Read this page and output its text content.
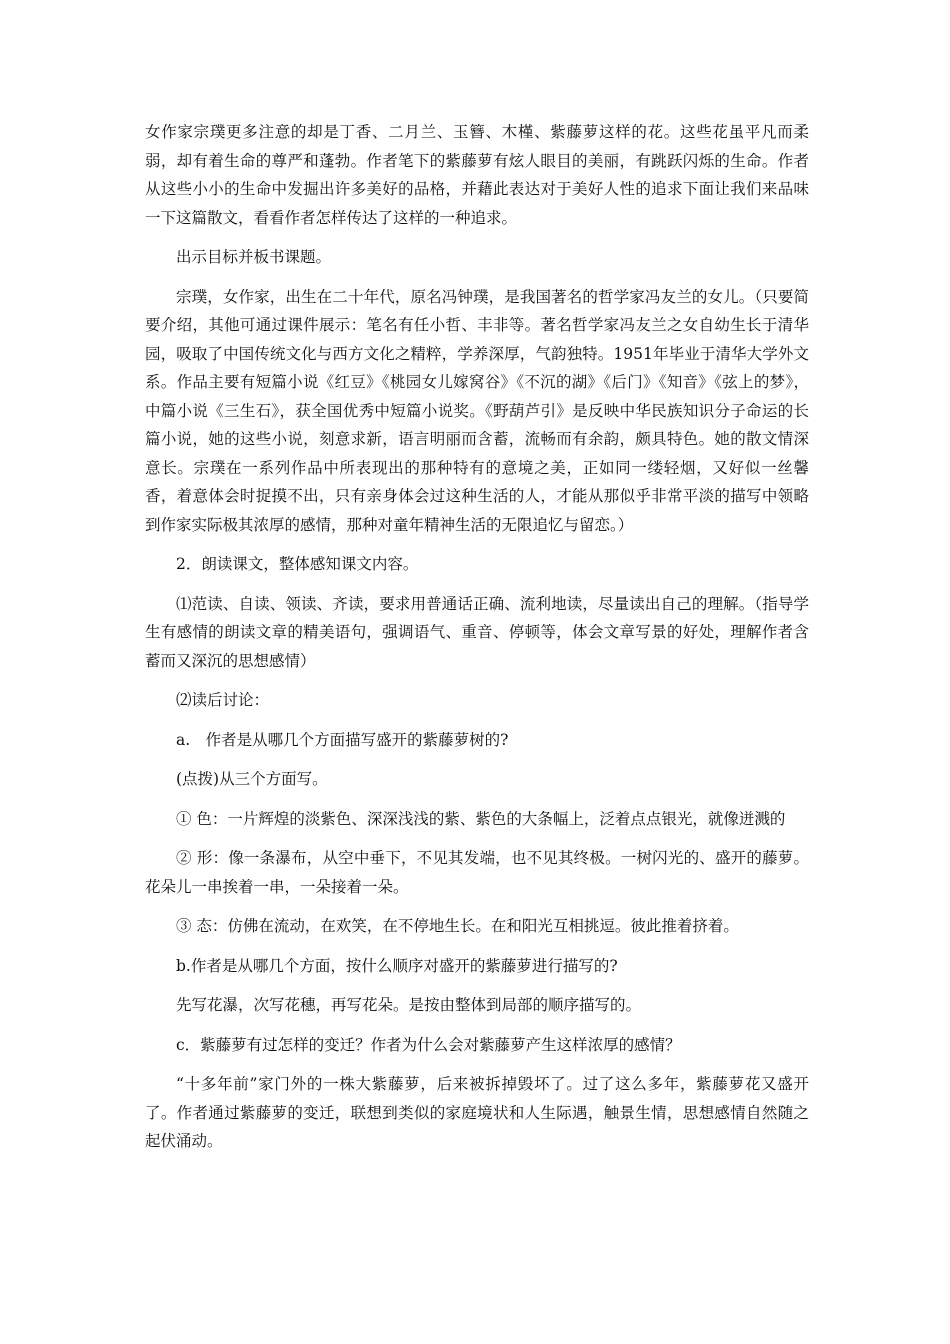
女作家宗璞更多注意的却是丁香、二月兰、玉簪、木槿、紫藤萝这样的花。这些花虽平凡而柔弱，却有着生命的尊严和蓬勃。作者笔下的紫藤萝有炫人眼目的美丽，有跳跃闪烁的生命。作者从这些小小的生命中发掘出许多美好的品格，并藉此表达对于美好人性的追求下面让我们来品味一下这篇散文，看看作者怎样传达了这样的一种追求。

出示目标并板书课题。

宗璞，女作家，出生在二十年代，原名冯钟璞，是我国著名的哲学家冯友兰的女儿。（只要简要介绍，其他可通过课件展示：笔名有任小哲、丰非等。著名哲学家冯友兰之女自幼生长于清华园，吸取了中国传统文化与西方文化之精粹，学养深厚，气韵独特。1951年毕业于清华大学外文系。作品主要有短篇小说《红豆》《桃园女儿嫁窝谷》《不沉的湖》《后门》《知音》《弦上的梦》，中篇小说《三生石》，获全国优秀中短篇小说奖。《野葫芦引》是反映中华民族知识分子命运的长篇小说，她的这些小说，刻意求新，语言明丽而含蓄，流畅而有余韵，颇具特色。她的散文情深意长。宗璞在一系列作品中所表现出的那种特有的意境之美，正如同一缕轻烟，又好似一丝馨香，着意体会时捉摸不出，只有亲身体会过这种生活的人，才能从那似乎非常平淡的描写中领略到作家实际极其浓厚的感情，那种对童年精神生活的无限追忆与留恋。）

2．朗读课文，整体感知课文内容。

⑴范读、自读、领读、齐读，要求用普通话正确、流利地读，尽量读出自己的理解。（指导学生有感情的朗读文章的精美语句，强调语气、重音、停顿等，体会文章写景的好处，理解作者含蓄而又深沉的思想感情）

⑵读后讨论：

a.　作者是从哪几个方面描写盛开的紫藤萝树的?

(点拨)从三个方面写。

① 色：一片辉煌的淡紫色、深深浅浅的紫、紫色的大条幅上，泛着点点银光，就像迸溅的

② 形：像一条瀑布，从空中垂下，不见其发端，也不见其终极。一树闪光的、盛开的藤萝。花朵儿一串挨着一串，一朵接着一朵。

③ 态：仿佛在流动，在欢笑，在不停地生长。在和阳光互相挑逗。彼此推着挤着。

b.作者是从哪几个方面，按什么顺序对盛开的紫藤萝进行描写的?

先写花瀑，次写花穗，再写花朵。是按由整体到局部的顺序描写的。

c．紫藤萝有过怎样的变迁？作者为什么会对紫藤萝产生这样浓厚的感情？

“十多年前”家门外的一株大紫藤萝，后来被拆掉毁坏了。过了这么多年，紫藤萝花又盛开了。作者通过紫藤萝的变迁，联想到类似的家庭境状和人生际遇，触景生情，思想感情自然随之起伏涌动。
